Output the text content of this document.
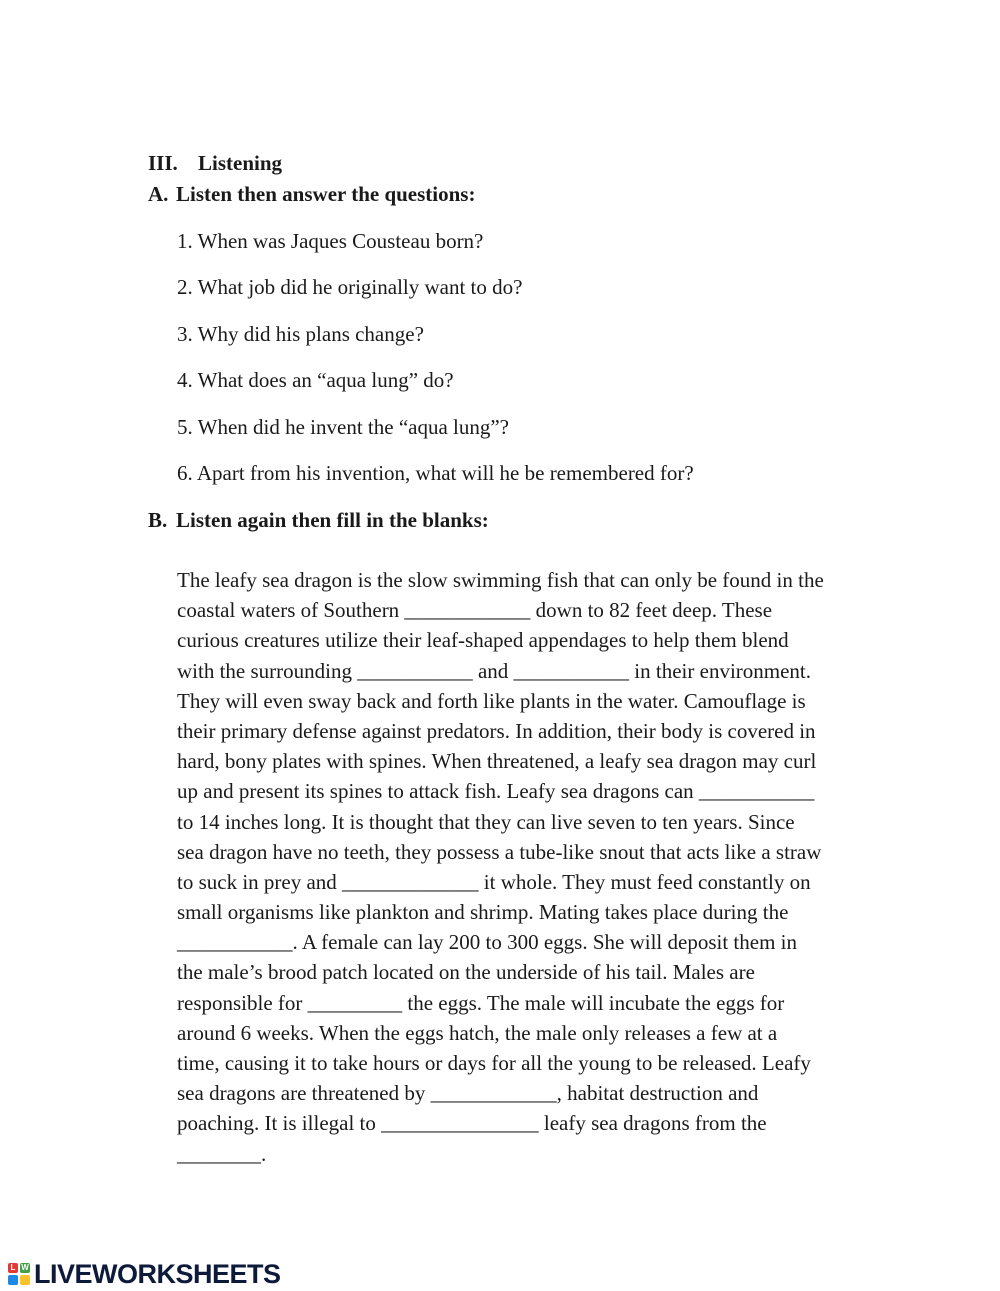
III. Listening
A. Listen then answer the questions:
1. When was Jaques Cousteau born?
2. What job did he originally want to do?
3. Why did his plans change?
4. What does an “aqua lung” do?
5. When did he invent the “aqua lung”?
6. Apart from his invention, what will he be remembered for?
B. Listen again then fill in the blanks:
The leafy sea dragon is the slow swimming fish that can only be found in the
coastal waters of Southern ____________ down to 82 feet deep. These
curious creatures utilize their leaf-shaped appendages to help them blend
with the surrounding ___________ and ___________ in their environment.
They will even sway back and forth like plants in the water. Camouflage is
their primary defense against predators. In addition, their body is covered in
hard, bony plates with spines. When threatened, a leafy sea dragon may curl
up and present its spines to attack fish. Leafy sea dragons can ___________
to 14 inches long. It is thought that they can live seven to ten years. Since
sea dragon have no teeth, they possess a tube-like snout that acts like a straw
to suck in prey and _____________ it whole. They must feed constantly on
small organisms like plankton and shrimp. Mating takes place during the
___________. A female can lay 200 to 300 eggs. She will deposit them in
the male’s brood patch located on the underside of his tail. Males are
responsible for _________ the eggs. The male will incubate the eggs for
around 6 weeks. When the eggs hatch, the male only releases a few at a
time, causing it to take hours or days for all the young to be released. Leafy
sea dragons are threatened by ____________, habitat destruction and
poaching. It is illegal to _______________ leafy sea dragons from the
________.
L W LIVEWORKSHEETS
